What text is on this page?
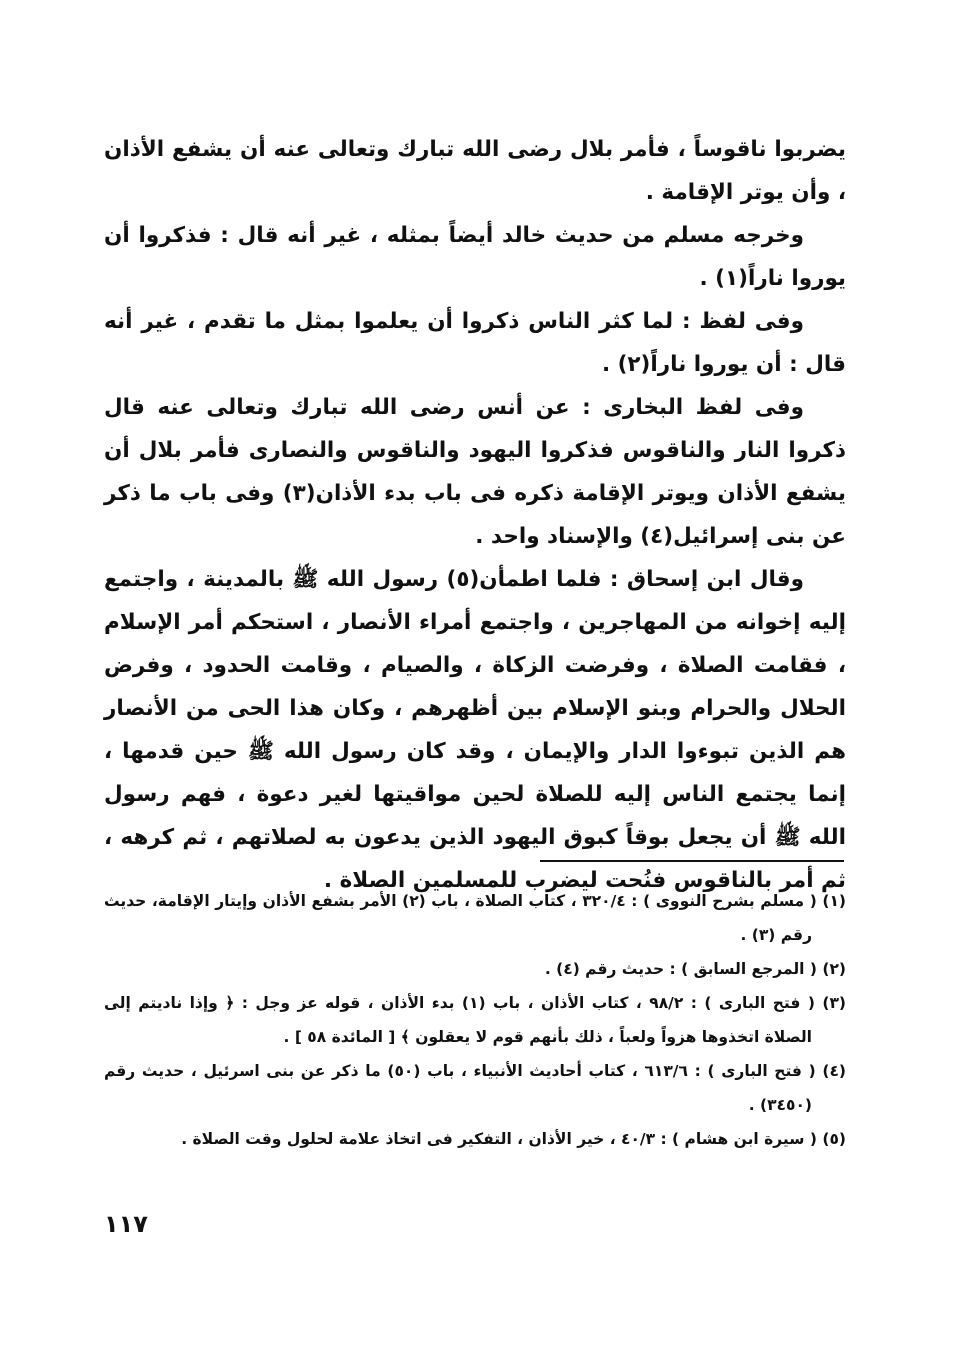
يضربوا ناقوساً ، فأمر بلال رضى الله تبارك وتعالى عنه أن يشفع الأذان ، وأن يوتر الإقامة .

وخرجه مسلم من حديث خالد أيضاً بمثله ، غير أنه قال : فذكروا أن يوروا ناراً(١) .

وفى لفظ : لما كثر الناس ذكروا أن يعلموا بمثل ما تقدم ، غير أنه قال : أن يوروا ناراً(٢) .

وفى لفظ البخارى : عن أنس رضى الله تبارك وتعالى عنه قال ذكروا النار والناقوس فذكروا اليهود والناقوس والنصارى فأمر بلال أن يشفع الأذان ويوتر الإقامة ذكره فى باب بدء الأذان(٣) وفى باب ما ذكر عن بنى إسرائيل(٤) والإسناد واحد .

وقال ابن إسحاق : فلما اطمأن(٥) رسول الله ﷺ بالمدينة ، واجتمع إليه إخوانه من المهاجرين ، واجتمع أمراء الأنصار ، استحكم أمر الإسلام ، فقامت الصلاة ، وفرضت الزكاة ، والصيام ، وقامت الحدود ، وفرض الحلال والحرام وبنو الإسلام بين أظهرهم ، وكان هذا الحى من الأنصار هم الذين تبوءوا الدار والإيمان ، وقد كان رسول الله ﷺ حين قدمها ، إنما يجتمع الناس إليه للصلاة لحين مواقيتها لغير دعوة ، فهم رسول الله ﷺ أن يجعل بوقاً كبوق اليهود الذين يدعون به لصلاتهم ، ثم كرهه ، ثم أمر بالناقوس فنُحت ليضرب للمسلمين الصلاة .

(١) ( مسلم بشرح النووى ) : ٣٢٠/٤ ، كتاب الصلاة ، باب (٢) الأمر بشفع الأذان وإيتار الإقامة، حديث رقم (٣) .

(٢) ( المرجع السابق ) : حديث رقم (٤) .

(٣) ( فتح البارى ) : ٩٨/٢ ، كتاب الأذان ، باب (١) بدء الأذان ، قوله عز وجل : ﴿ وإذا ناديتم إلى الصلاة اتخذوها هزواً ولعباً ، ذلك بأنهم قوم لا يعقلون ﴾ [ المائدة ٥٨ ] .

(٤) ( فتح البارى ) : ٦١٣/٦ ، كتاب أحاديث الأنبياء ، باب (٥٠) ما ذكر عن بنى اسرئيل ، حديث رقم (٣٤٥٠) .

(٥) ( سيرة ابن هشام ) : ٤٠/٣ ، خير الأذان ، التفكير فى اتخاذ علامة لحلول وقت الصلاة .

١١٧
